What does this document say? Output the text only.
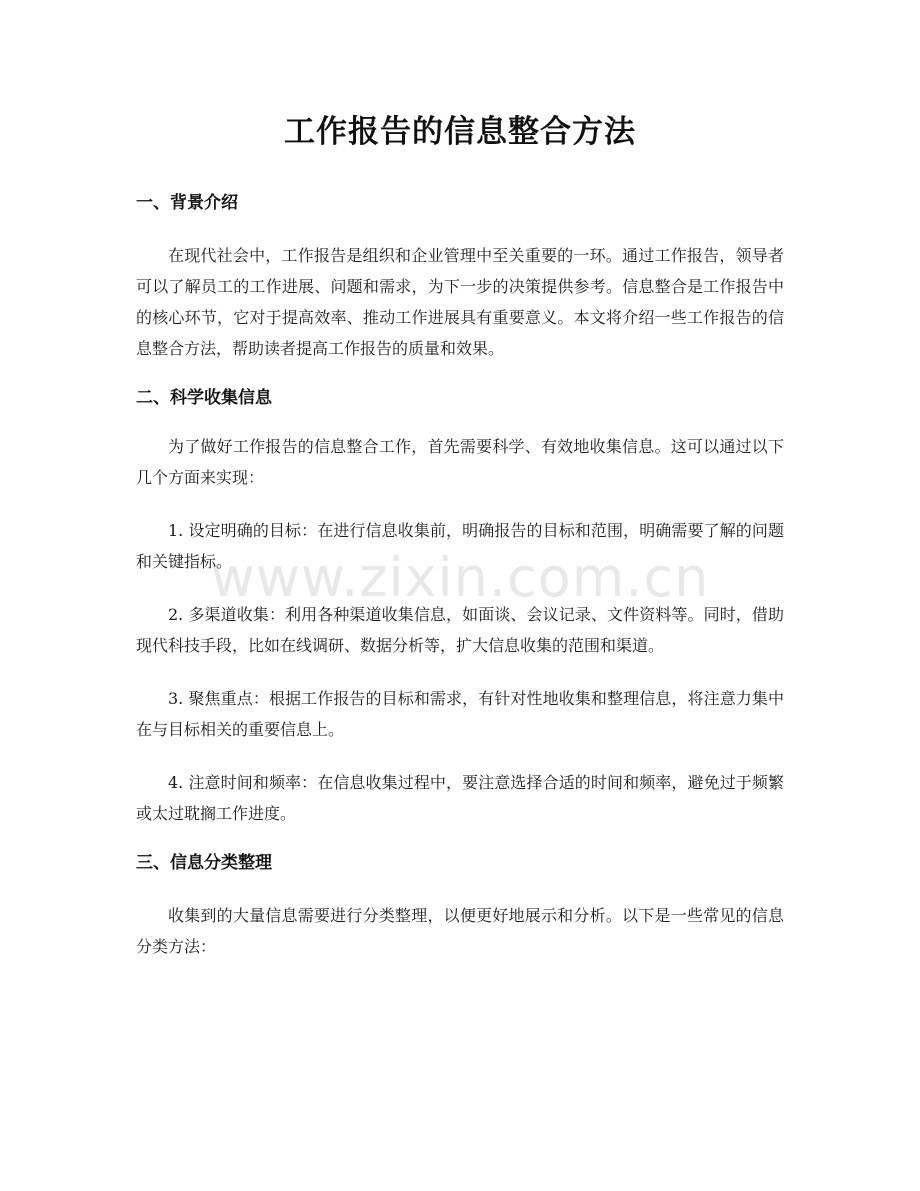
www.zixin.com.cn
工作报告的信息整合方法
一、背景介绍

在现代社会中，工作报告是组织和企业管理中至关重要的一环。通过工作报告，领导者可以了解员工的工作进展、问题和需求，为下一步的决策提供参考。信息整合是工作报告中的核心环节，它对于提高效率、推动工作进展具有重要意义。本文将介绍一些工作报告的信息整合方法，帮助读者提高工作报告的质量和效果。

二、科学收集信息

为了做好工作报告的信息整合工作，首先需要科学、有效地收集信息。这可以通过以下几个方面来实现：

1. 设定明确的目标：在进行信息收集前，明确报告的目标和范围，明确需要了解的问题和关键指标。

2. 多渠道收集：利用各种渠道收集信息，如面谈、会议记录、文件资料等。同时，借助现代科技手段，比如在线调研、数据分析等，扩大信息收集的范围和渠道。

3. 聚焦重点：根据工作报告的目标和需求，有针对性地收集和整理信息，将注意力集中在与目标相关的重要信息上。

4. 注意时间和频率：在信息收集过程中，要注意选择合适的时间和频率，避免过于频繁或太过耽搁工作进度。

三、信息分类整理

收集到的大量信息需要进行分类整理，以便更好地展示和分析。以下是一些常见的信息分类方法：
